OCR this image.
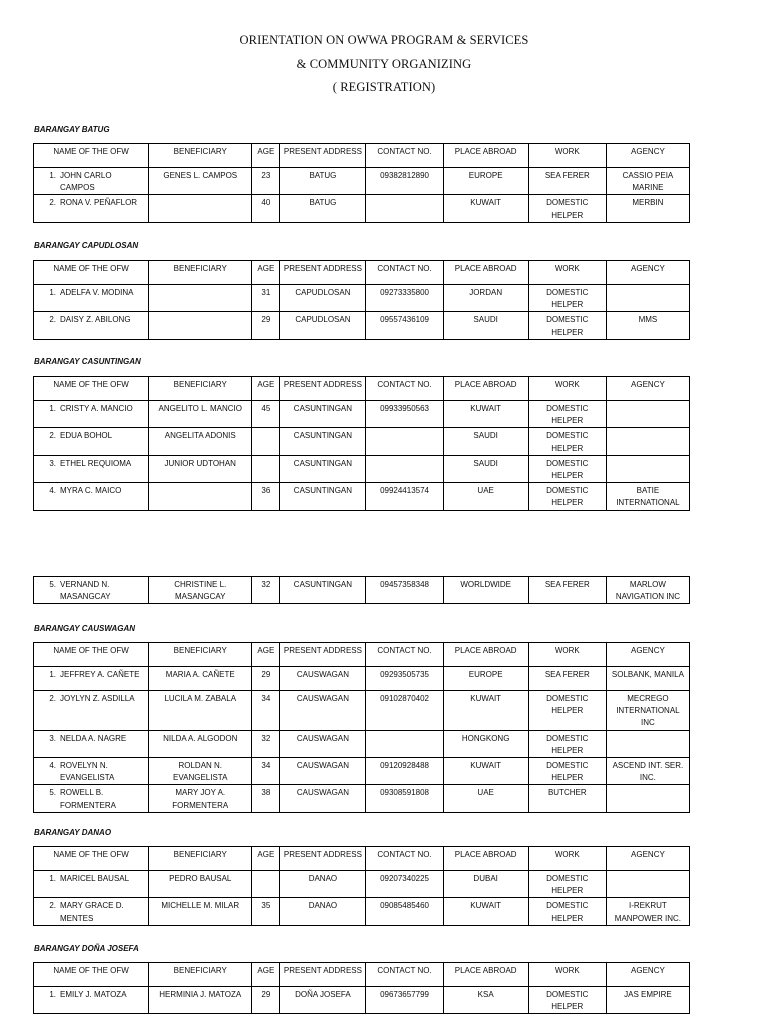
ORIENTATION ON OWWA PROGRAM & SERVICES
& COMMUNITY ORGANIZING
( REGISTRATION)
BARANGAY BATUG
NAME OF THE OFW	BENEFICIARY	AGE	PRESENT ADDRESS	CONTACT NO.	PLACE ABROAD	WORK	AGENCY
1. JOHN CARLO CAMPOS	GENES L. CAMPOS	23	BATUG	09382812890	EUROPE	SEA FERER	CASSIO PEIA MARINE
2. RONA V. PEÑAFLOR		40	BATUG		KUWAIT	DOMESTIC HELPER	MERBIN
BARANGAY CAPUDLOSAN
NAME OF THE OFW	BENEFICIARY	AGE	PRESENT ADDRESS	CONTACT NO.	PLACE ABROAD	WORK	AGENCY
1. ADELFA V. MODINA		31	CAPUDLOSAN	09273335800	JORDAN	DOMESTIC HELPER	
2. DAISY Z. ABILONG		29	CAPUDLOSAN	09557436109	SAUDI	DOMESTIC HELPER	MMS
BARANGAY CASUNTINGAN
NAME OF THE OFW	BENEFICIARY	AGE	PRESENT ADDRESS	CONTACT NO.	PLACE ABROAD	WORK	AGENCY
1. CRISTY A. MANCIO	ANGELITO L. MANCIO	45	CASUNTINGAN	09933950563	KUWAIT	DOMESTIC HELPER	
2. EDUA BOHOL	ANGELITA ADONIS		CASUNTINGAN		SAUDI	DOMESTIC HELPER	
3. ETHEL REQUIOMA	JUNIOR UDTOHAN		CASUNTINGAN		SAUDI	DOMESTIC HELPER	
4. MYRA C. MAICO		36	CASUNTINGAN	09924413574	UAE	DOMESTIC HELPER	BATIE INTERNATIONAL
5. VERNAND N. MASANGCAY	CHRISTINE L. MASANGCAY	32	CASUNTINGAN	09457358348	WORLDWIDE	SEA FERER	MARLOW NAVIGATION INC
BARANGAY CAUSWAGAN
NAME OF THE OFW	BENEFICIARY	AGE	PRESENT ADDRESS	CONTACT NO.	PLACE ABROAD	WORK	AGENCY
1. JEFFREY A. CAÑETE	MARIA A. CAÑETE	29	CAUSWAGAN	09293505735	EUROPE	SEA FERER	SOLBANK, MANILA
2. JOYLYN Z. ASDILLA	LUCILA M. ZABALA	34	CAUSWAGAN	09102870402	KUWAIT	DOMESTIC HELPER	MECREGO INTERNATIONAL INC
3. NELDA A. NAGRE	NILDA A. ALGODON	32	CAUSWAGAN		HONGKONG	DOMESTIC HELPER	
4. ROVELYN N. EVANGELISTA	ROLDAN N. EVANGELISTA	34	CAUSWAGAN	09120928488	KUWAIT	DOMESTIC HELPER	ASCEND INT. SER. INC.
5. ROWELL B. FORMENTERA	MARY JOY A. FORMENTERA	38	CAUSWAGAN	09308591808	UAE	BUTCHER	
BARANGAY DANAO
NAME OF THE OFW	BENEFICIARY	AGE	PRESENT ADDRESS	CONTACT NO.	PLACE ABROAD	WORK	AGENCY
1. MARICEL BAUSAL	PEDRO BAUSAL		DANAO	09207340225	DUBAI	DOMESTIC HELPER	
2. MARY GRACE D. MENTES	MICHELLE M. MILAR	35	DANAO	09085485460	KUWAIT	DOMESTIC HELPER	I-REKRUT MANPOWER INC.
BARANGAY DOÑA JOSEFA
NAME OF THE OFW	BENEFICIARY	AGE	PRESENT ADDRESS	CONTACT NO.	PLACE ABROAD	WORK	AGENCY
1. EMILY J. MATOZA	HERMINIA J. MATOZA	29	DOÑA JOSEFA	09673657799	KSA	DOMESTIC HELPER	JAS EMPIRE
